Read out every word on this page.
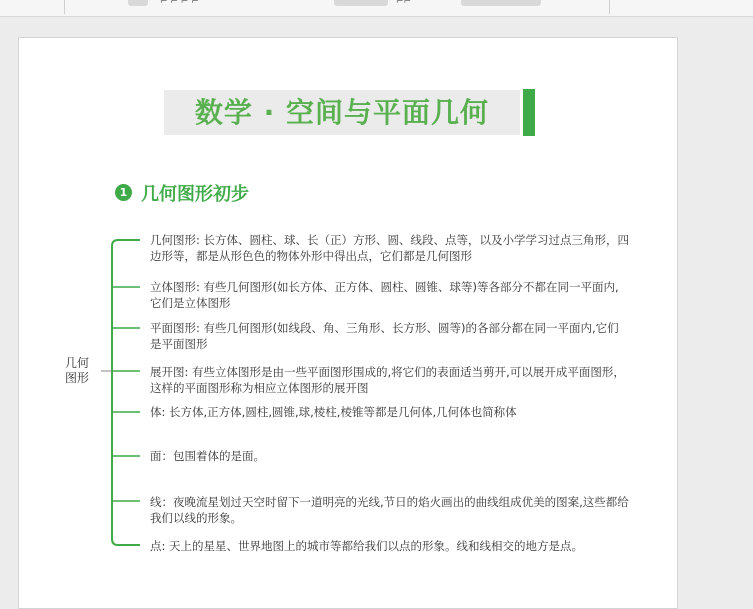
⌐ ⌐ ⌐ ⌐	⌐⌐
数学 · 空间与平面几何
1 几何图形初步
几何
图形
几何图形: 长方体、圆柱、球、长（正）方形、圆、线段、点等，以及小学学习过点三角形，四边形等，都是从形色色的物体外形中得出点，它们都是几何图形
立体图形: 有些几何图形(如长方体、正方体、圆柱、圆锥、球等)等各部分不都在同一平面内,它们是立体图形
平面图形: 有些几何图形(如线段、角、三角形、长方形、圆等)的各部分都在同一平面内,它们是平面图形
展开图: 有些立体图形是由一些平面图形围成的,将它们的表面适当剪开,可以展开成平面图形，这样的平面图形称为相应立体图形的展开图
体: 长方体,正方体,圆柱,圆锥,球,棱柱,棱锥等都是几何体,几何体也简称体
面：包围着体的是面。
线：夜晚流星划过天空时留下一道明亮的光线,节日的焰火画出的曲线组成优美的图案,这些都给我们以线的形象。
点: 天上的星星、世界地图上的城市等都给我们以点的形象。线和线相交的地方是点。
